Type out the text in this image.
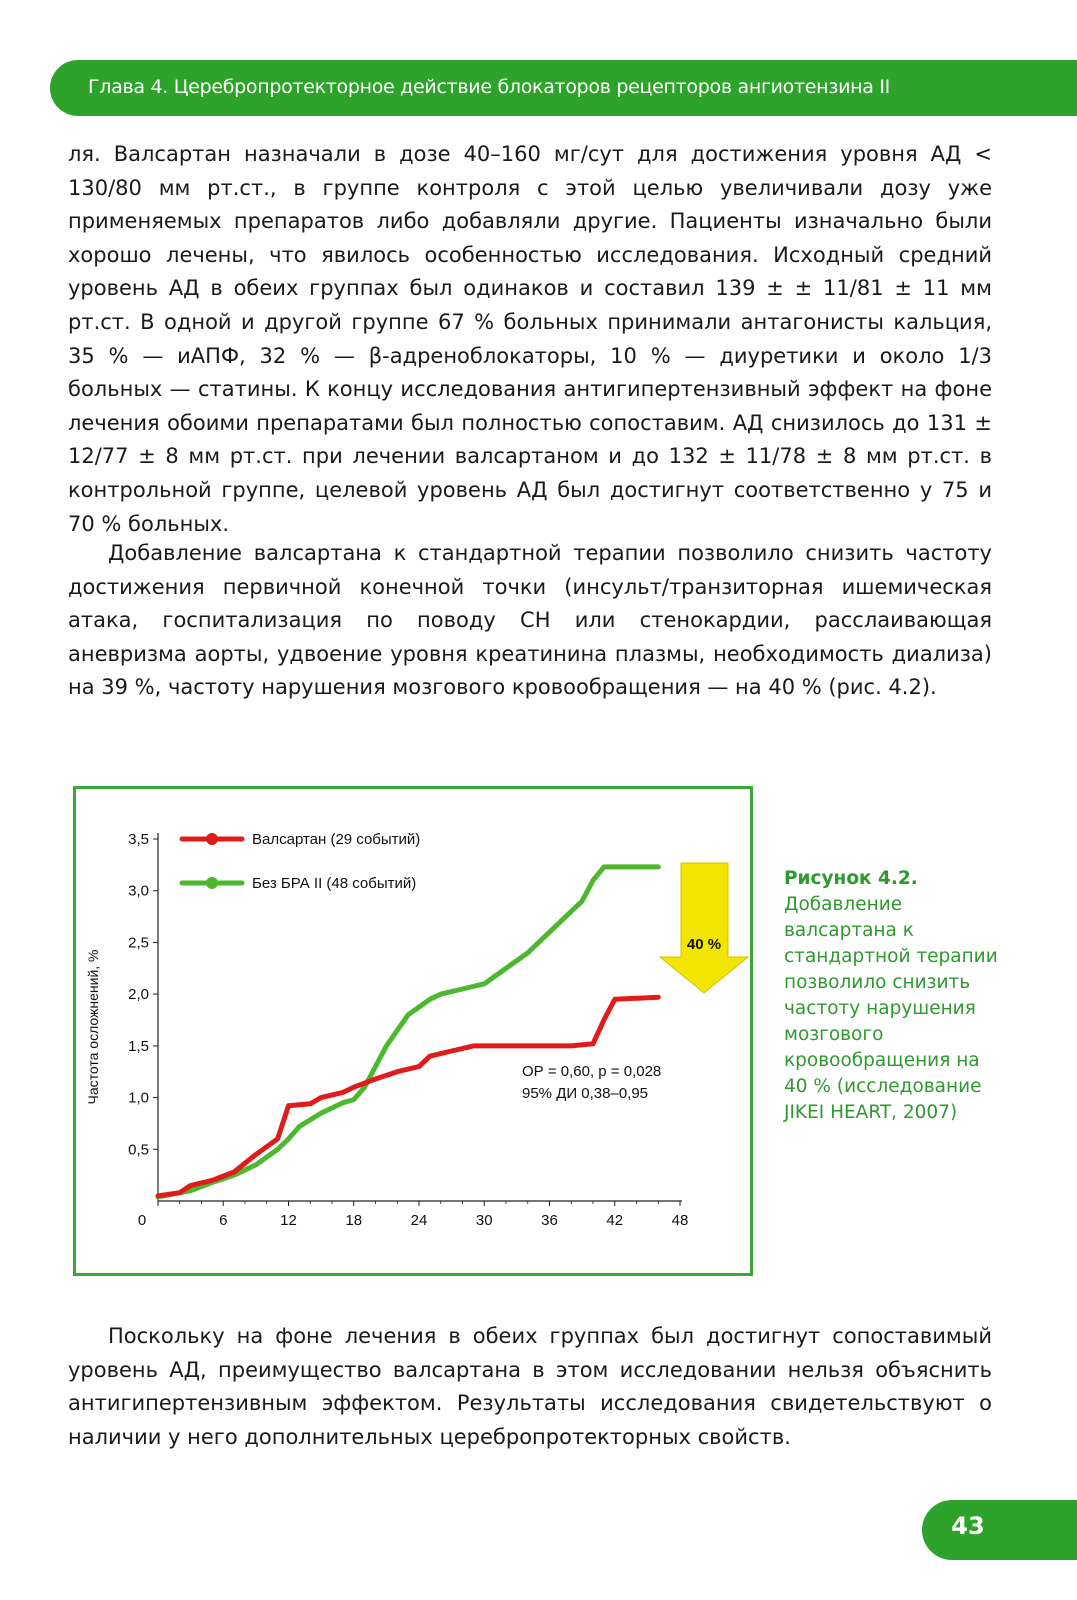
Глава 4. Церебропротекторное действие блокаторов рецепторов ангиотензина II

ля. Валсартан назначали в дозе 40–160 мг/сут для достижения уровня АД < 130/80 мм рт.ст., в группе контроля с этой целью увеличивали дозу уже применяемых препаратов либо добавляли другие. Пациенты изначально были хорошо лечены, что явилось особенностью исследования. Исходный средний уровень АД в обеих группах был одинаков и составил 139 ± ± 11/81 ± 11 мм рт.ст. В одной и другой группе 67 % больных принимали антагонисты кальция, 35 % — иАПФ, 32 % — β-адреноблокаторы, 10 % — диуретики и около 1/3 больных — статины. К концу исследования антигипертензивный эффект на фоне лечения обоими препаратами был полностью сопоставим. АД снизилось до 131 ± 12/77 ± 8 мм рт.ст. при лечении валсартаном и до 132 ± 11/78 ± 8 мм рт.ст. в контрольной группе, целевой уровень АД был достигнут соответственно у 75 и 70 % больных.

Добавление валсартана к стандартной терапии позволило снизить частоту достижения первичной конечной точки (инсульт/транзиторная ишемическая атака, госпитализация по поводу СН или стенокардии, расслаивающая аневризма аорты, удвоение уровня креатинина плазмы, необходимость диализа) на 39 %, частоту нарушения мозгового кровообращения — на 40 % (рис. 4.2).

3,5
3,0
2,5
2,0
1,5
1,0
0,5
0	6	12	18	24	30	36	42	48
Валсартан (29 событий)
Без БРА II (48 событий)
40 %
ОР = 0,60, p = 0,028
95% ДИ 0,38–0,95
Частота осложнений, %
Рисунок 4.2.
Добавление валсартана к стандартной терапии позволило снизить частоту нарушения мозгового кровообращения на 40 % (исследование JIKEI HEART, 2007)

Поскольку на фоне лечения в обеих группах был достигнут сопоставимый уровень АД, преимущество валсартана в этом исследовании нельзя объяснить антигипертензивным эффектом. Результаты исследования свидетельствуют о наличии у него дополнительных церебропротекторных свойств.

43
